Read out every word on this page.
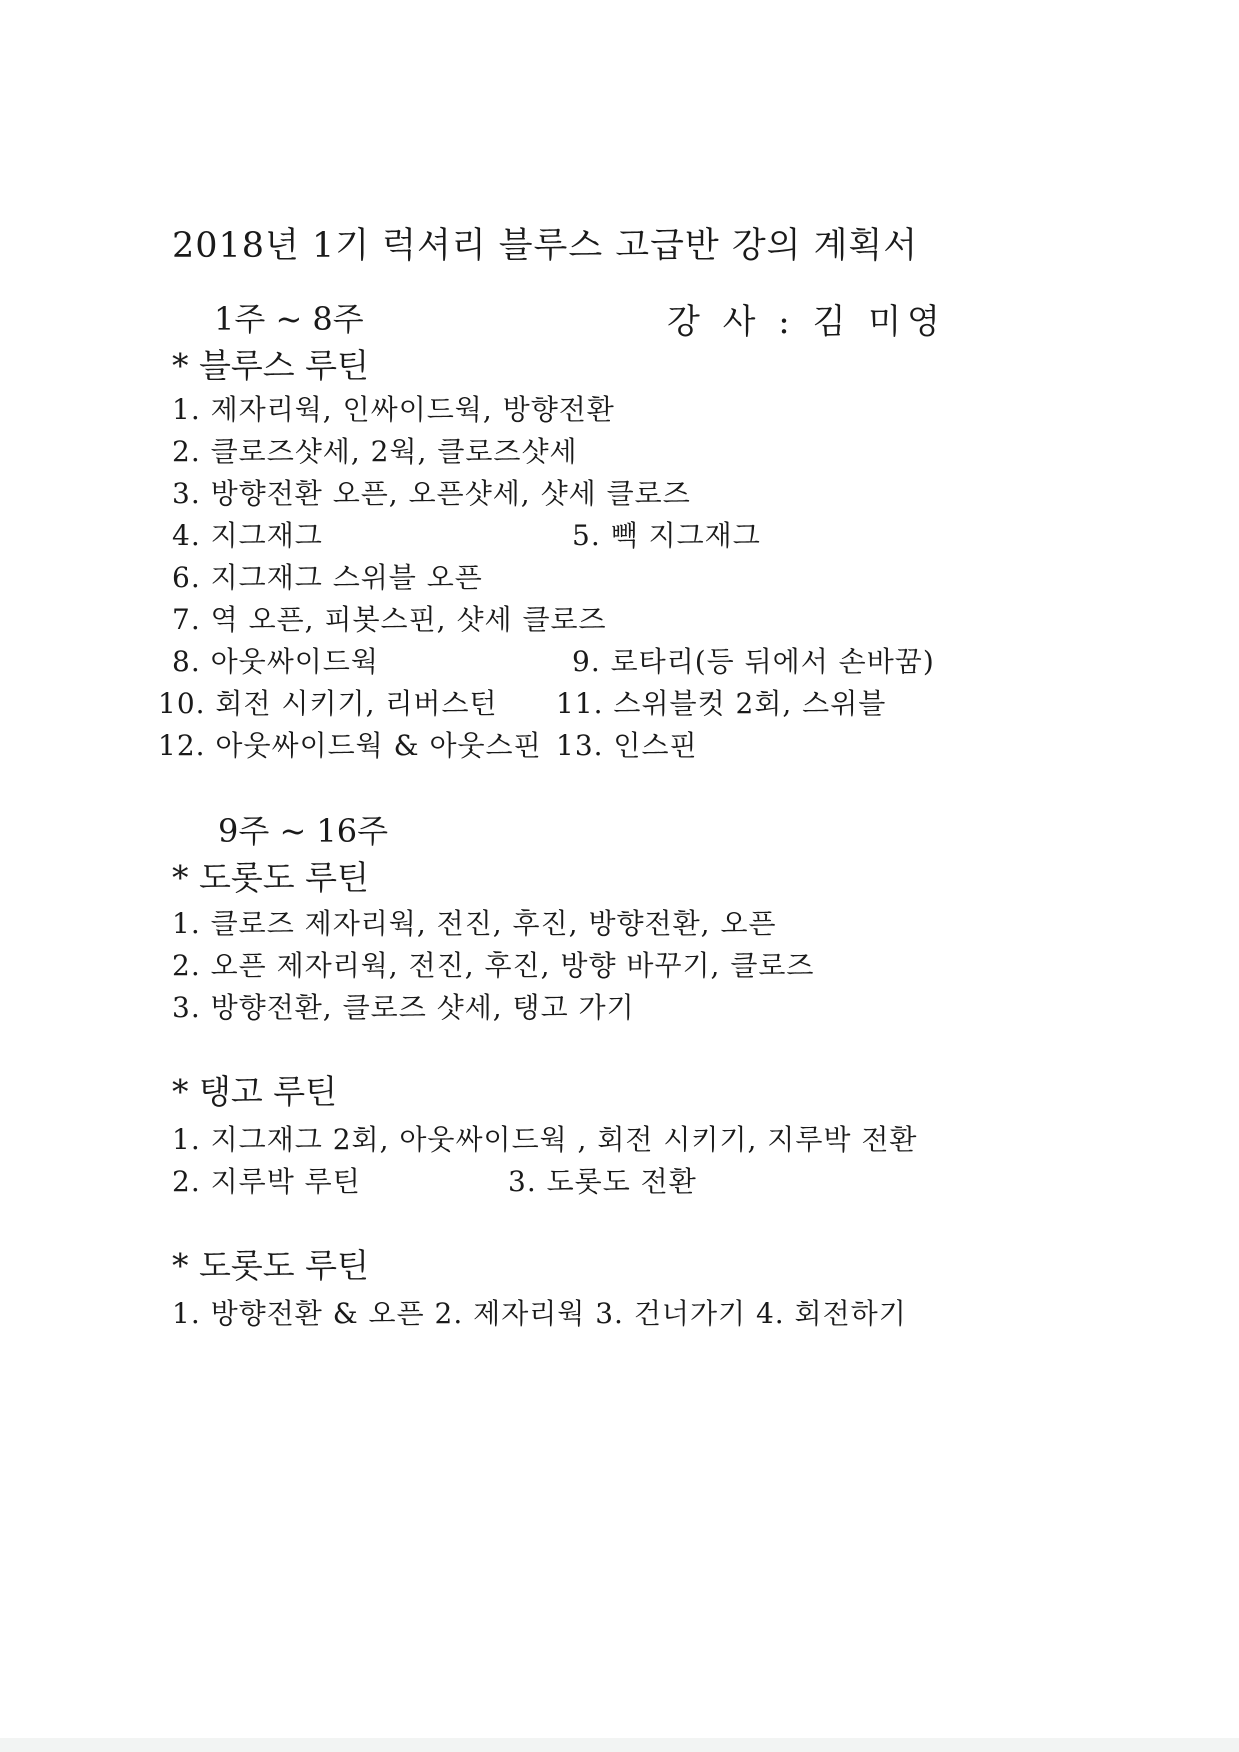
2018년 1기 럭셔리 블루스 고급반 강의 계획서
1주 ~ 8주	강 사 : 김 미영
* 블루스 루틴
1. 제자리웍, 인싸이드웍, 방향전환
2. 클로즈샷세, 2웍, 클로즈샷세
3. 방향전환 오픈, 오픈샷세, 샷세 클로즈
4. 지그재그	5. 빽 지그재그
6. 지그재그 스위블 오픈
7. 역 오픈, 피봇스핀, 샷세 클로즈
8. 아웃싸이드웍	9. 로타리(등 뒤에서 손바꿈)
10. 회전 시키기, 리버스턴 11. 스위블컷 2회, 스위블
12. 아웃싸이드웍 & 아웃스핀 13. 인스핀
9주 ~ 16주
* 도롯도 루틴
1. 클로즈 제자리웍, 전진, 후진, 방향전환, 오픈
2. 오픈 제자리웍, 전진, 후진, 방향 바꾸기, 클로즈
3. 방향전환, 클로즈 샷세, 탱고 가기
* 탱고 루틴
1. 지그재그 2회, 아웃싸이드웍 , 회전 시키기, 지루박 전환
2. 지루박 루틴	3. 도롯도 전환
* 도롯도 루틴
1. 방향전환 & 오픈 2. 제자리웍 3. 건너가기 4. 회전하기
